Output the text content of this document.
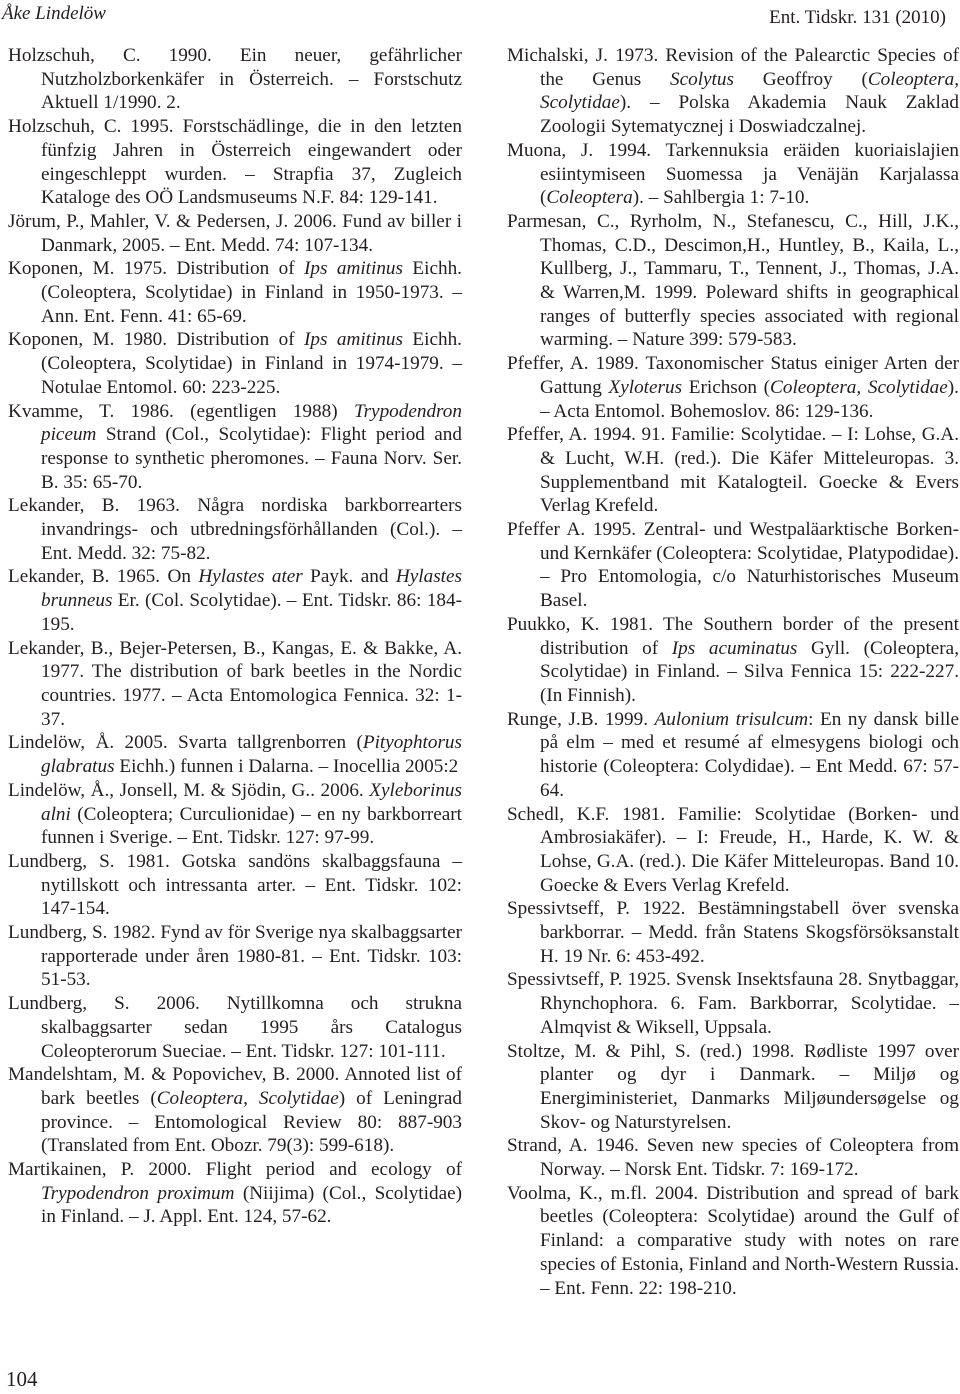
Åke Lindelöw	Ent. Tidskr. 131 (2010)

Holzschuh, C. 1990. Ein neuer, gefährlicher Nutzholzborkenkäfer in Österreich. – Forstschutz Aktuell 1/1990. 2.

Holzschuh, C. 1995. Forstschädlinge, die in den letzten fünfzig Jahren in Österreich eingewandert oder eingeschleppt wurden. – Strapfia 37, Zugleich Kataloge des OÖ Landsmuseums N.F. 84: 129-141.

Jörum, P., Mahler, V. & Pedersen, J. 2006. Fund av biller i Danmark, 2005. – Ent. Medd. 74: 107-134.

Koponen, M. 1975. Distribution of Ips amitinus Eichh. (Coleoptera, Scolytidae) in Finland in 1950-1973. – Ann. Ent. Fenn. 41: 65-69.

Koponen, M. 1980. Distribution of Ips amitinus Eichh. (Coleoptera, Scolytidae) in Finland in 1974-1979. – Notulae Entomol. 60: 223-225.

Kvamme, T. 1986. (egentligen 1988) Trypodendron piceum Strand (Col., Scolytidae): Flight period and response to synthetic pheromones. – Fauna Norv. Ser. B. 35: 65-70.

Lekander, B. 1963. Några nordiska barkborrearters invandrings- och utbredningsförhållanden (Col.). – Ent. Medd. 32: 75-82.

Lekander, B. 1965. On Hylastes ater Payk. and Hylastes brunneus Er. (Col. Scolytidae). – Ent. Tidskr. 86: 184-195.

Lekander, B., Bejer-Petersen, B., Kangas, E. & Bakke, A. 1977. The distribution of bark beetles in the Nordic countries. 1977. – Acta Entomologica Fennica. 32: 1-37.

Lindelöw, Å. 2005. Svarta tallgrenborren (Pityophtorus glabratus Eichh.) funnen i Dalarna. – Inocellia 2005:2

Lindelöw, Å., Jonsell, M. & Sjödin, G.. 2006. Xyleborinus alni (Coleoptera; Curculionidae) – en ny barkborreart funnen i Sverige. – Ent. Tidskr. 127: 97-99.

Lundberg, S. 1981. Gotska sandöns skalbaggsfauna – nytillskott och intressanta arter. – Ent. Tidskr. 102: 147-154.

Lundberg, S. 1982. Fynd av för Sverige nya skalbaggsarter rapporterade under åren 1980-81. – Ent. Tidskr. 103: 51-53.

Lundberg, S. 2006. Nytillkomna och strukna skalbaggsarter sedan 1995 års Catalogus Coleopterorum Sueciae. – Ent. Tidskr. 127: 101-111.

Mandelshtam, M. & Popovichev, B. 2000. Annoted list of bark beetles (Coleoptera, Scolytidae) of Leningrad province. – Entomological Review 80: 887-903 (Translated from Ent. Obozr. 79(3): 599-618).

Martikainen, P. 2000. Flight period and ecology of Trypodendron proximum (Niijima) (Col., Scolytidae) in Finland. – J. Appl. Ent. 124, 57-62.

Michalski, J. 1973. Revision of the Palearctic Species of the Genus Scolytus Geoffroy (Coleoptera, Scolytidae). – Polska Akademia Nauk Zaklad Zoologii Sytematycznej i Doswiadczalnej.

Muona, J. 1994. Tarkennuksia eräiden kuoriaislajien esiintymiseen Suomessa ja Venäjän Karjalassa (Coleoptera). – Sahlbergia 1: 7-10.

Parmesan, C., Ryrholm, N., Stefanescu, C., Hill, J.K., Thomas, C.D., Descimon,H., Huntley, B., Kaila, L., Kullberg, J., Tammaru, T., Tennent, J., Thomas, J.A. & Warren,M. 1999. Poleward shifts in geographical ranges of butterfly species associated with regional warming. – Nature 399: 579-583.

Pfeffer, A. 1989. Taxonomischer Status einiger Arten der Gattung Xyloterus Erichson (Coleoptera, Scolytidae). – Acta Entomol. Bohemoslov. 86: 129-136.

Pfeffer, A. 1994. 91. Familie: Scolytidae. – I: Lohse, G.A. & Lucht, W.H. (red.). Die Käfer Mitteleuropas. 3. Supplementband mit Katalogteil. Goecke & Evers Verlag Krefeld.

Pfeffer A. 1995. Zentral- und Westpaläarktische Borken- und Kernkäfer (Coleoptera: Scolytidae, Platypodidae). – Pro Entomologia, c/o Naturhistorisches Museum Basel.

Puukko, K. 1981. The Southern border of the present distribution of Ips acuminatus Gyll. (Coleoptera, Scolytidae) in Finland. – Silva Fennica 15: 222-227. (In Finnish).

Runge, J.B. 1999. Aulonium trisulcum: En ny dansk bille på elm – med et resumé af elmesygens biologi och historie (Coleoptera: Colydidae). – Ent Medd. 67: 57-64.

Schedl, K.F. 1981. Familie: Scolytidae (Borken- und Ambrosiakäfer). – I: Freude, H., Harde, K. W. & Lohse, G.A. (red.). Die Käfer Mitteleuropas. Band 10. Goecke & Evers Verlag Krefeld.

Spessivtseff, P. 1922. Bestämningstabell över svenska barkborrar. – Medd. från Statens Skogsförsöksanstalt H. 19 Nr. 6: 453-492.

Spessivtseff, P. 1925. Svensk Insektsfauna 28. Snytbaggar, Rhynchophora. 6. Fam. Barkborrar, Scolytidae. – Almqvist & Wiksell, Uppsala.

Stoltze, M. & Pihl, S. (red.) 1998. Rødliste 1997 over planter og dyr i Danmark. – Miljø og Energiministeriet, Danmarks Miljøundersøgelse og Skov- og Naturstyrelsen.

Strand, A. 1946. Seven new species of Coleoptera from Norway. – Norsk Ent. Tidskr. 7: 169-172.

Voolma, K., m.fl. 2004. Distribution and spread of bark beetles (Coleoptera: Scolytidae) around the Gulf of Finland: a comparative study with notes on rare species of Estonia, Finland and North-Western Russia. – Ent. Fenn. 22: 198-210.

104
